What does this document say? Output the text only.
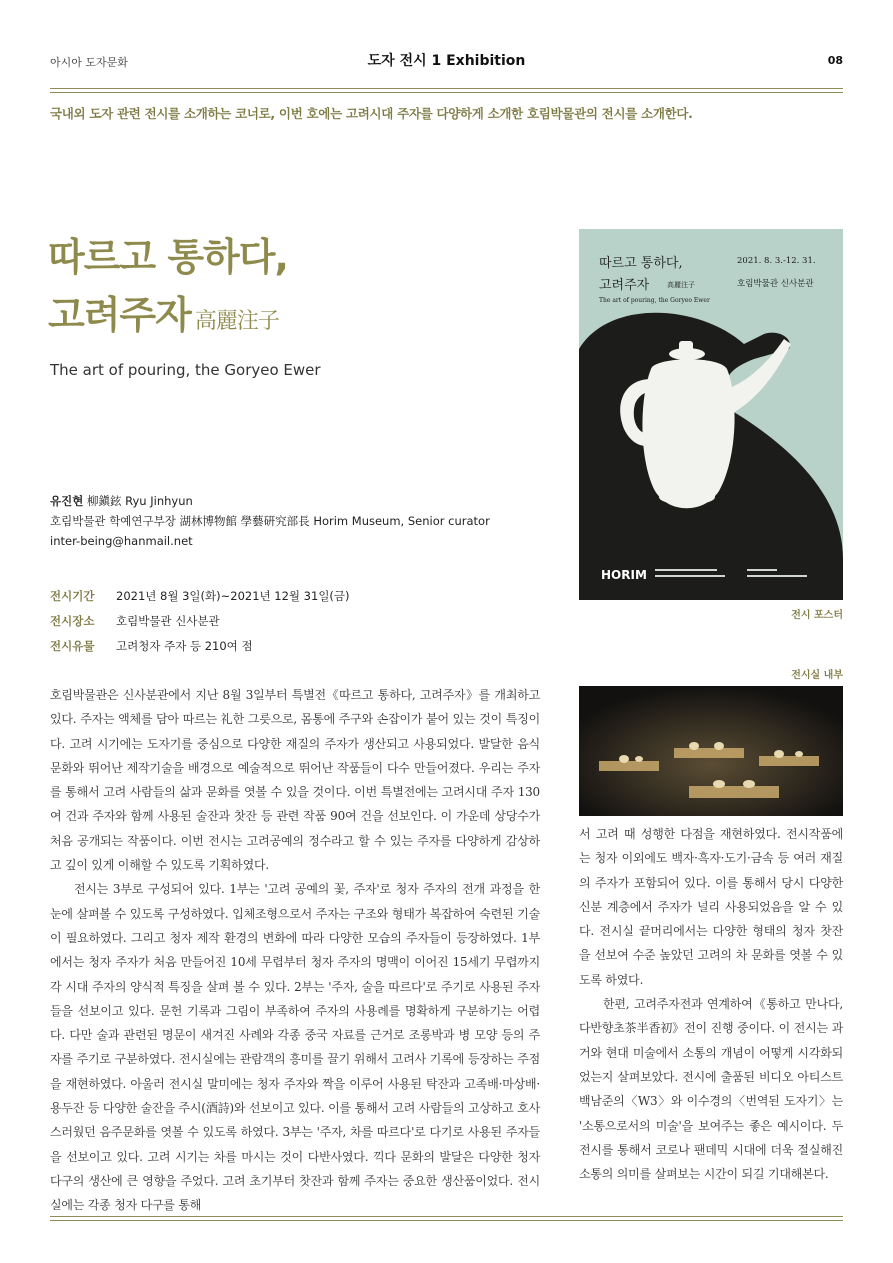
아시아 도자문화	도자 전시 1 Exhibition	08
국내외 도자 관련 전시를 소개하는 코너로, 이번 호에는 고려시대 주자를 다양하게 소개한 호림박물관의 전시를 소개한다.
따르고 통하다,
고려주자 高麗注子
The art of pouring, the Goryeo Ewer
유진현 柳鎭鉉 Ryu Jinhyun
호림박물관 학예연구부장 湖林博物館 學藝硏究部長 Horim Museum, Senior curator
inter-being@hanmail.net
전시기간 2021년 8월 3일(화)~2021년 12월 31일(금)
전시장소 호림박물관 신사분관
전시유물 고려청자 주자 등 210여 점
따르고 통하다,
고려주자	高麗注子
The art of pouring, the Goryeo Ewer
2021. 8. 3.-12. 31.
호림박물관 신사분관
HORIM
전시 포스터
전시실 내부

호림박물관은 신사분관에서 지난 8월 3일부터 특별전《따르고 통하다, 고려주자》를 개최하고 있다. 주자는 액체를 담아 따르는 礼한 그릇으로, 몸통에 주구와 손잡이가 붙어 있는 것이 특징이다. 고려 시기에는 도자기를 중심으로 다양한 재질의 주자가 생산되고 사용되었다. 발달한 음식문화와 뛰어난 제작기술을 배경으로 예술적으로 뛰어난 작품들이 다수 만들어졌다. 우리는 주자를 통해서 고려 사람들의 삶과 문화를 엿볼 수 있을 것이다. 이번 특별전에는 고려시대 주자 130여 건과 주자와 함께 사용된 술잔과 찻잔 등 관련 작품 90여 건을 선보인다. 이 가운데 상당수가 처음 공개되는 작품이다. 이번 전시는 고려공예의 정수라고 할 수 있는 주자를 다양하게 감상하고 깊이 있게 이해할 수 있도록 기획하였다.

전시는 3부로 구성되어 있다. 1부는 '고려 공예의 꽃, 주자'로 청자 주자의 전개 과정을 한 눈에 살펴볼 수 있도록 구성하였다. 입체조형으로서 주자는 구조와 형태가 복잡하여 숙련된 기술이 필요하였다. 그리고 청자 제작 환경의 변화에 따라 다양한 모습의 주자들이 등장하였다. 1부에서는 청자 주자가 처음 만들어진 10세 무렵부터 청자 주자의 명맥이 이어진 15세기 무렵까지 각 시대 주자의 양식적 특징을 살펴 볼 수 있다. 2부는 '주자, 술을 따르다'로 주기로 사용된 주자들을 선보이고 있다. 문헌 기록과 그림이 부족하여 주자의 사용례를 명확하게 구분하기는 어렵다. 다만 술과 관련된 명문이 새겨진 사례와 각종 중국 자료를 근거로 조롱박과 병 모양 등의 주자를 주기로 구분하였다. 전시실에는 관람객의 흥미를 끌기 위해서 고려사 기록에 등장하는 주점을 재현하였다. 아울러 전시실 말미에는 청자 주자와 짝을 이루어 사용된 탁잔과 고족배·마상배·용두잔 등 다양한 술잔을 주시(酒詩)와 선보이고 있다. 이를 통해서 고려 사람들의 고상하고 호사스러웠던 음주문화를 엿볼 수 있도록 하였다. 3부는 '주자, 차를 따르다'로 다기로 사용된 주자들을 선보이고 있다. 고려 시기는 차를 마시는 것이 다반사였다. 끽다 문화의 발달은 다양한 청자 다구의 생산에 큰 영향을 주었다. 고려 초기부터 찻잔과 함께 주자는 중요한 생산품이었다. 전시실에는 각종 청자 다구를 통해

서 고려 때 성행한 다점을 재현하였다. 전시작품에는 청자 이외에도 백자·흑자·도기·금속 등 여러 재질의 주자가 포함되어 있다. 이를 통해서 당시 다양한 신분 계층에서 주자가 널리 사용되었음을 알 수 있다. 전시실 끝머리에서는 다양한 형태의 청자 찻잔을 선보여 수준 높았던 고려의 차 문화를 엿볼 수 있도록 하였다.

한편, 고려주자전과 연계하여《통하고 만나다, 다반향초茶半香初》전이 진행 중이다. 이 전시는 과거와 현대 미술에서 소통의 개념이 어떻게 시각화되었는지 살펴보았다. 전시에 출품된 비디오 아티스트 백남준의〈W3〉와 이수경의〈번역된 도자기〉는 '소통으로서의 미술'을 보여주는 좋은 예시이다. 두 전시를 통해서 코로나 팬데믹 시대에 더욱 절실해진 소통의 의미를 살펴보는 시간이 되길 기대해본다.
